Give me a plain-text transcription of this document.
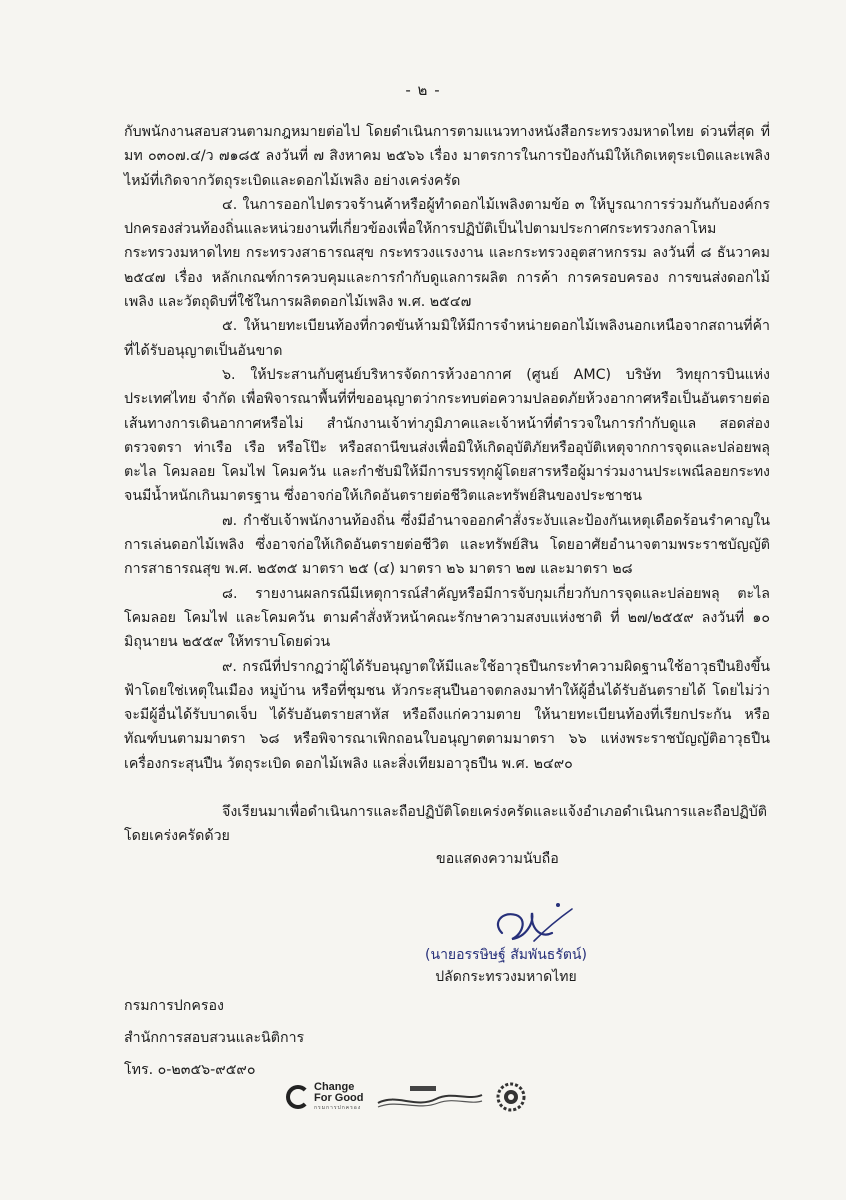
- ๒ -

กับพนักงานสอบสวนตามกฎหมายต่อไป โดยดำเนินการตามแนวทางหนังสือกระทรวงมหาดไทย ด่วนที่สุด ที่ มท ๐๓๐๗.๔/ว ๗๑๘๕ ลงวันที่ ๗ สิงหาคม ๒๕๖๖ เรื่อง มาตรการในการป้องกันมิให้เกิดเหตุระเบิดและเพลิงไหม้ที่เกิดจากวัตถุระเบิดและดอกไม้เพลิง อย่างเคร่งครัด

๔. ในการออกไปตรวจร้านค้าหรือผู้ทำดอกไม้เพลิงตามข้อ ๓ ให้บูรณาการร่วมกันกับองค์กรปกครองส่วนท้องถิ่นและหน่วยงานที่เกี่ยวข้องเพื่อให้การปฏิบัติเป็นไปตามประกาศกระทรวงกลาโหม กระทรวงมหาดไทย กระทรวงสาธารณสุข กระทรวงแรงงาน และกระทรวงอุตสาหกรรม ลงวันที่ ๘ ธันวาคม ๒๕๔๗ เรื่อง หลักเกณฑ์การควบคุมและการกำกับดูแลการผลิต การค้า การครอบครอง การขนส่งดอกไม้เพลิง และวัตถุดิบที่ใช้ในการผลิตดอกไม้เพลิง พ.ศ. ๒๕๔๗

๕. ให้นายทะเบียนท้องที่กวดขันห้ามมิให้มีการจำหน่ายดอกไม้เพลิงนอกเหนือจากสถานที่ค้าที่ได้รับอนุญาตเป็นอันขาด

๖. ให้ประสานกับศูนย์บริหารจัดการห้วงอากาศ (ศูนย์ AMC) บริษัท วิทยุการบินแห่งประเทศไทย จำกัด เพื่อพิจารณาพื้นที่ที่ขออนุญาตว่ากระทบต่อความปลอดภัยห้วงอากาศหรือเป็นอันตรายต่อเส้นทางการเดินอากาศหรือไม่ สำนักงานเจ้าท่าภูมิภาคและเจ้าหน้าที่ตำรวจในการกำกับดูแล สอดส่อง ตรวจตรา ท่าเรือ เรือ หรือโป๊ะ หรือสถานีขนส่งเพื่อมิให้เกิดอุบัติภัยหรืออุบัติเหตุจากการจุดและปล่อยพลุ ตะไล โคมลอย โคมไฟ โคมควัน และกำชับมิให้มีการบรรทุกผู้โดยสารหรือผู้มาร่วมงานประเพณีลอยกระทงจนมีน้ำหนักเกินมาตรฐาน ซึ่งอาจก่อให้เกิดอันตรายต่อชีวิตและทรัพย์สินของประชาชน

๗. กำชับเจ้าพนักงานท้องถิ่น ซึ่งมีอำนาจออกคำสั่งระงับและป้องกันเหตุเดือดร้อนรำคาญในการเล่นดอกไม้เพลิง ซึ่งอาจก่อให้เกิดอันตรายต่อชีวิต และทรัพย์สิน โดยอาศัยอำนาจตามพระราชบัญญัติการสาธารณสุข พ.ศ. ๒๕๓๕ มาตรา ๒๕ (๔) มาตรา ๒๖ มาตรา ๒๗ และมาตรา ๒๘

๘. รายงานผลกรณีมีเหตุการณ์สำคัญหรือมีการจับกุมเกี่ยวกับการจุดและปล่อยพลุ ตะไล โคมลอย โคมไฟ และโคมควัน ตามคำสั่งหัวหน้าคณะรักษาความสงบแห่งชาติ ที่ ๒๗/๒๕๕๙ ลงวันที่ ๑๐ มิถุนายน ๒๕๕๙ ให้ทราบโดยด่วน

๙. กรณีที่ปรากฏว่าผู้ได้รับอนุญาตให้มีและใช้อาวุธปืนกระทำความผิดฐานใช้อาวุธปืนยิงขึ้นฟ้าโดยใช่เหตุในเมือง หมู่บ้าน หรือที่ชุมชน หัวกระสุนปืนอาจตกลงมาทำให้ผู้อื่นได้รับอันตรายได้ โดยไม่ว่าจะมีผู้อื่นได้รับบาดเจ็บ ได้รับอันตรายสาหัส หรือถึงแก่ความตาย ให้นายทะเบียนท้องที่เรียกประกัน หรือทัณฑ์บนตามมาตรา ๖๘ หรือพิจารณาเพิกถอนใบอนุญาตตามมาตรา ๖๖ แห่งพระราชบัญญัติอาวุธปืน เครื่องกระสุนปืน วัตถุระเบิด ดอกไม้เพลิง และสิ่งเทียมอาวุธปืน พ.ศ. ๒๔๙๐

จึงเรียนมาเพื่อดำเนินการและถือปฏิบัติโดยเคร่งครัดและแจ้งอำเภอดำเนินการและถือปฏิบัติโดยเคร่งครัดด้วย

ขอแสดงความนับถือ
(นายอรรษิษฐ์ สัมพันธรัตน์)
ปลัดกระทรวงมหาดไทย
กรมการปกครอง
สำนักการสอบสวนและนิติการ
โทร. ๐-๒๓๕๖-๙๕๙๐
Change
For Good
กรมการปกครอง
